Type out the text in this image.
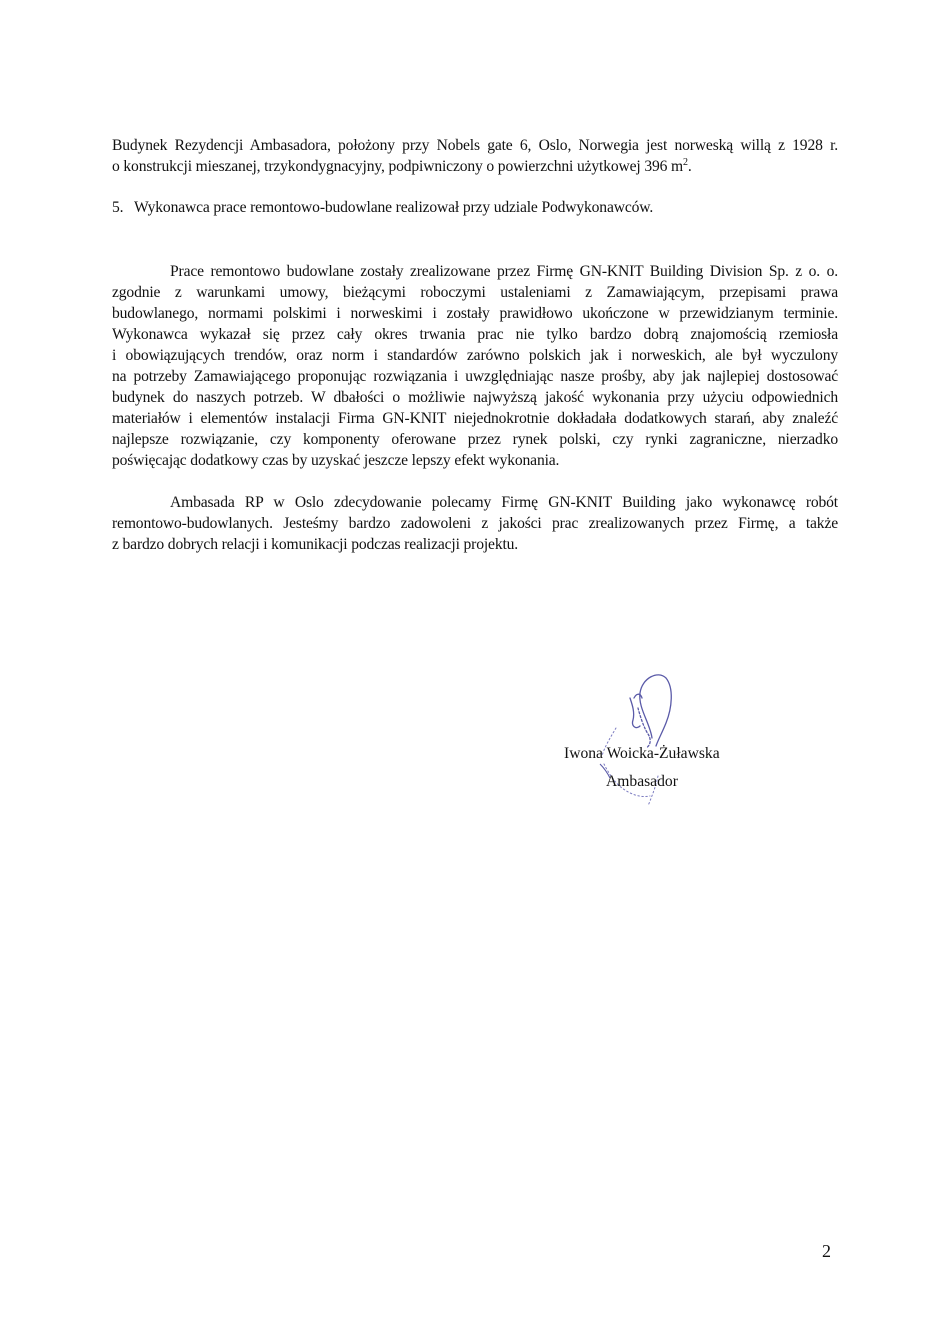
Budynek Rezydencji Ambasadora, położony przy Nobels gate 6, Oslo, Norwegia jest norweską willą z 1928 r.
o konstrukcji mieszanej, trzykondygnacyjny, podpiwniczony o powierzchni użytkowej 396 $m^2$.
5. Wykonawca prace remontowo-budowlane realizował przy udziale Podwykonawców.
Prace remontowo budowlane zostały zrealizowane przez Firmę GN-KNIT Building Division Sp. z o. o.
zgodnie z warunkami umowy, bieżącymi roboczymi ustaleniami z Zamawiającym, przepisami prawa
budowlanego, normami polskimi i norweskimi i zostały prawidłowo ukończone w przewidzianym terminie.
Wykonawca wykazał się przez cały okres trwania prac nie tylko bardzo dobrą znajomością rzemiosła
i obowiązujących trendów, oraz norm i standardów zarówno polskich jak i norweskich, ale był wyczulony
na potrzeby Zamawiającego proponując rozwiązania i uwzględniając nasze prośby, aby jak najlepiej dostosować
budynek do naszych potrzeb. W dbałości o możliwie najwyższą jakość wykonania przy użyciu odpowiednich
materiałów i elementów instalacji Firma GN-KNIT niejednokrotnie dokładała dodatkowych starań, aby znaleźć
najlepsze rozwiązanie, czy komponenty oferowane przez rynek polski, czy rynki zagraniczne, nierzadko
poświęcając dodatkowy czas by uzyskać jeszcze lepszy efekt wykonania.
Ambasada RP w Oslo zdecydowanie polecamy Firmę GN-KNIT Building jako wykonawcę robót
remontowo-budowlanych. Jesteśmy bardzo zadowoleni z jakości prac zrealizowanych przez Firmę, a także
z bardzo dobrych relacji i komunikacji podczas realizacji projektu.
Iwona Woicka-Żuławska
Ambasador
2
